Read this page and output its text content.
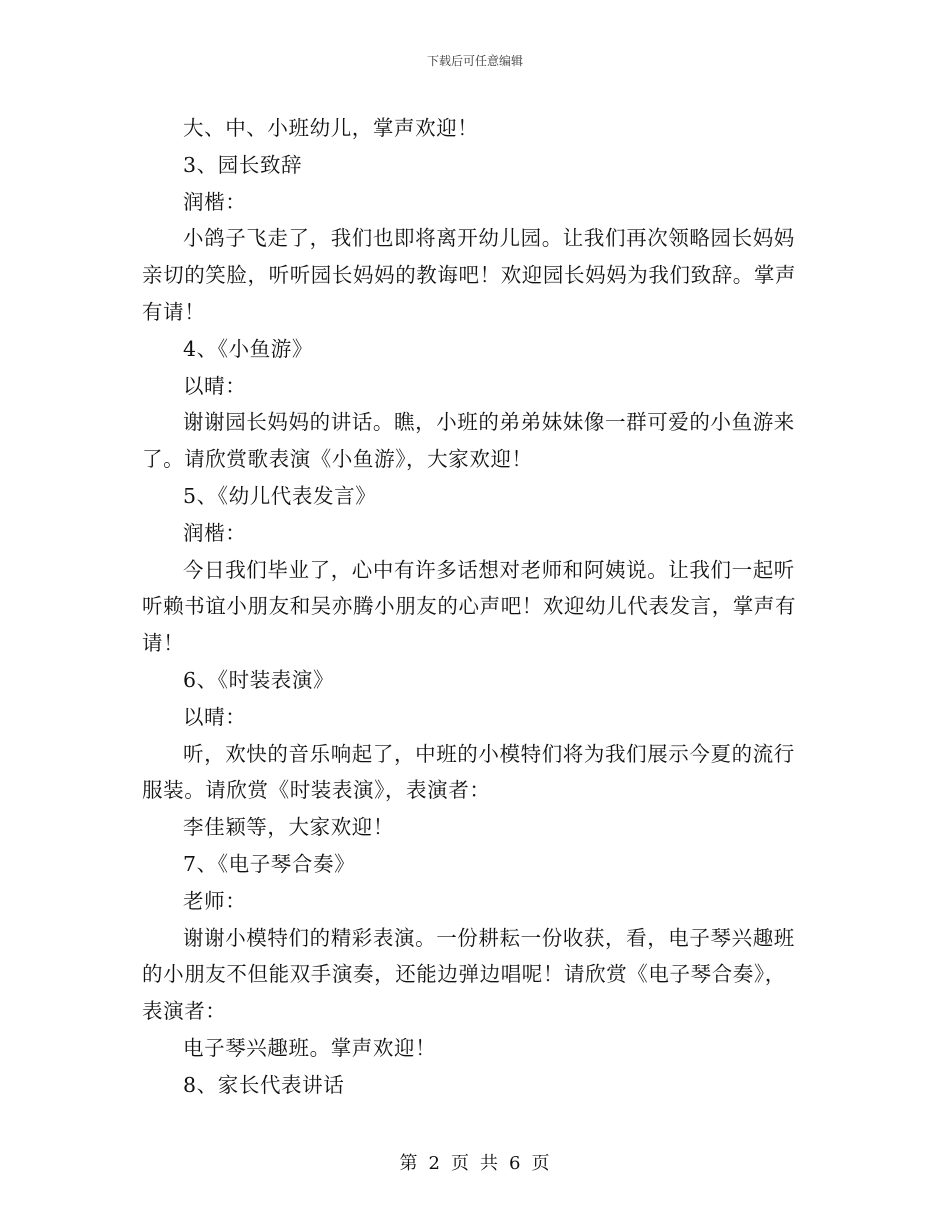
下载后可任意编辑

大、中、小班幼儿，掌声欢迎！

3、园长致辞

润楷：

小鸽子飞走了，我们也即将离开幼儿园。让我们再次领略园长妈妈亲切的笑脸，听听园长妈妈的教诲吧！欢迎园长妈妈为我们致辞。掌声有请！

4、《小鱼游》

以晴：

谢谢园长妈妈的讲话。瞧，小班的弟弟妹妹像一群可爱的小鱼游来了。请欣赏歌表演《小鱼游》，大家欢迎！

5、《幼儿代表发言》

润楷：

今日我们毕业了，心中有许多话想对老师和阿姨说。让我们一起听听赖书谊小朋友和吴亦腾小朋友的心声吧！欢迎幼儿代表发言，掌声有请！

6、《时装表演》

以晴：

听，欢快的音乐响起了，中班的小模特们将为我们展示今夏的流行服装。请欣赏《时装表演》，表演者：

李佳颖等，大家欢迎！

7、《电子琴合奏》

老师：

谢谢小模特们的精彩表演。一份耕耘一份收获，看，电子琴兴趣班的小朋友不但能双手演奏，还能边弹边唱呢！请欣赏《电子琴合奏》，表演者：

电子琴兴趣班。掌声欢迎！

8、家长代表讲话

第 2 页 共 6 页
